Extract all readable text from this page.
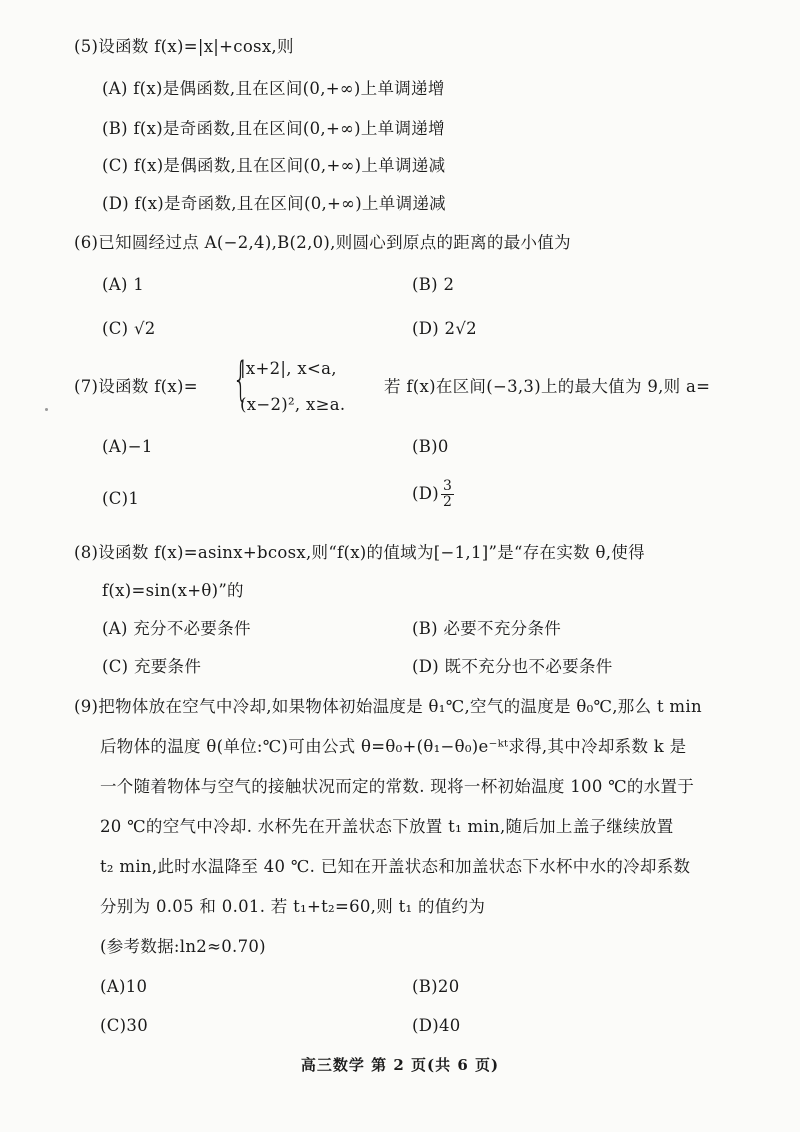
(5)设函数 f(x)=|x|+cosx,则
(A) f(x)是偶函数,且在区间(0,+∞)上单调递增
(B) f(x)是奇函数,且在区间(0,+∞)上单调递增
(C) f(x)是偶函数,且在区间(0,+∞)上单调递减
(D) f(x)是奇函数,且在区间(0,+∞)上单调递减
(6)已知圆经过点 A(−2,4),B(2,0),则圆心到原点的距离的最小值为
(A) 1	(B) 2
(C) √2	(D) 2√2
(7)设函数 f(x)= {
|x+2|, x<a,
(x−2)², x≥a.
若 f(x)在区间(−3,3)上的最大值为 9,则 a=
(A)−1	(B)0
(C)1	$(D) \frac{3}{2}$
(8)设函数 f(x)=asinx+bcosx,则“f(x)的值域为[−1,1]”是“存在实数 θ,使得
f(x)=sin(x+θ)”的
(A) 充分不必要条件	(B) 必要不充分条件
(C) 充要条件	(D) 既不充分也不必要条件
(9)把物体放在空气中冷却,如果物体初始温度是 θ₁℃,空气的温度是 θ₀℃,那么 t min
后物体的温度 θ(单位:℃)可由公式 θ=θ₀+(θ₁−θ₀)e⁻ᵏᵗ求得,其中冷却系数 k 是
一个随着物体与空气的接触状况而定的常数. 现将一杯初始温度 100 ℃的水置于
20 ℃的空气中冷却. 水杯先在开盖状态下放置 t₁ min,随后加上盖子继续放置
t₂ min,此时水温降至 40 ℃. 已知在开盖状态和加盖状态下水杯中水的冷却系数
分别为 0.05 和 0.01. 若 t₁+t₂=60,则 t₁ 的值约为
(参考数据:ln2≈0.70)
(A)10	(B)20
(C)30	(D)40
高三数学 第 2 页(共 6 页)
